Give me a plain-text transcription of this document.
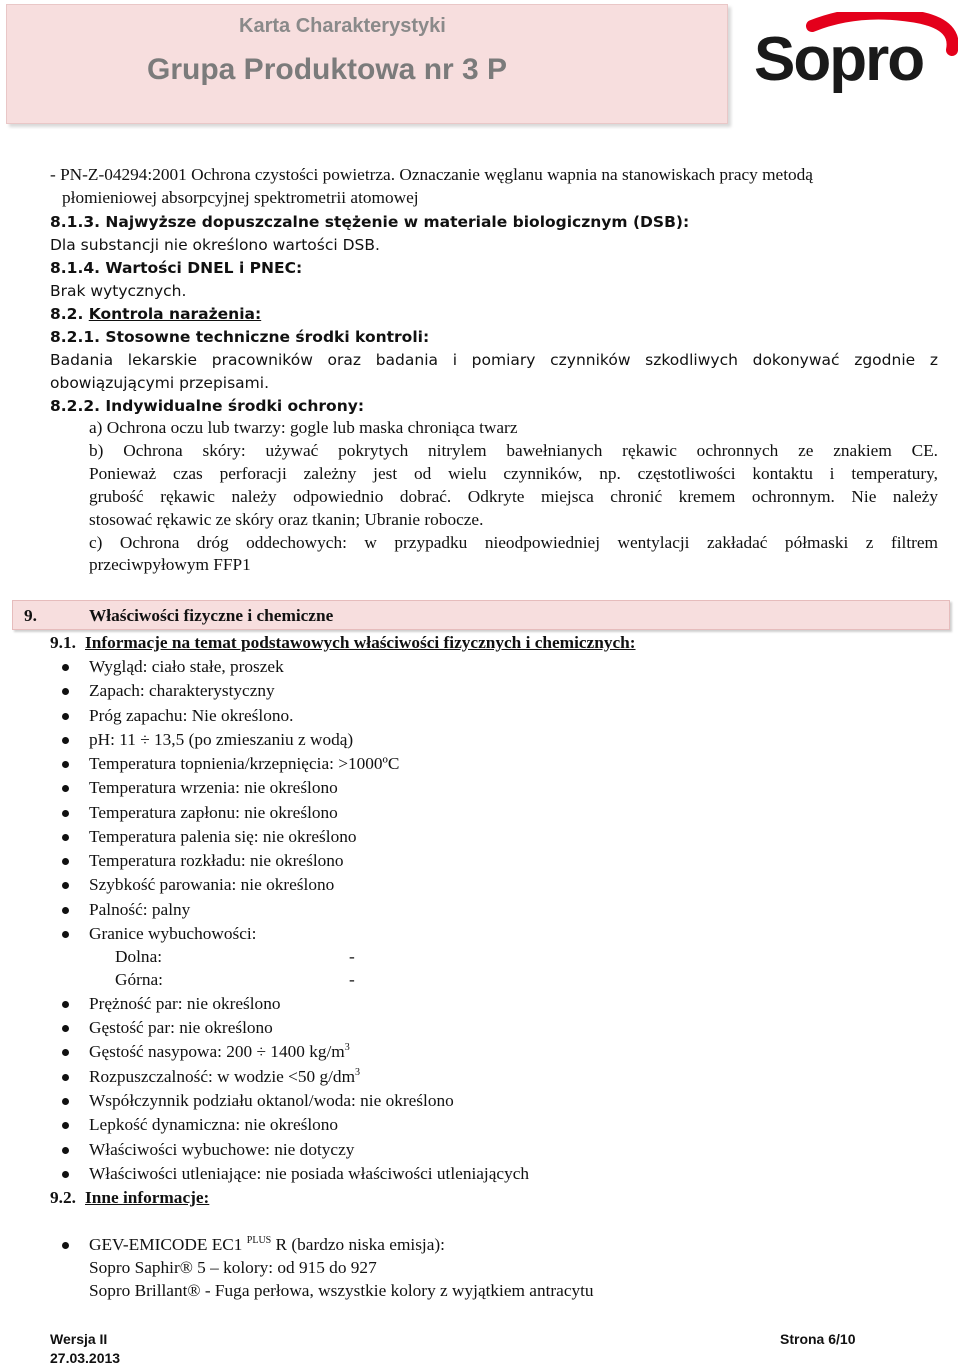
Karta Charakterystyki
Grupa Produktowa nr 3 P	Sopro
- PN-Z-04294:2001 Ochrona czystości powietrza. Oznaczanie węglanu wapnia na stanowiskach pracy metodą
płomieniowej absorpcyjnej spektrometrii atomowej
8.1.3. Najwyższe dopuszczalne stężenie w materiale biologicznym (DSB):
Dla substancji nie określono wartości DSB.
8.1.4. Wartości DNEL i PNEC:
Brak wytycznych.
8.2. Kontrola narażenia:
8.2.1. Stosowne techniczne środki kontroli:
Badania lekarskie pracowników oraz badania i pomiary czynników szkodliwych dokonywać zgodnie z
obowiązującymi przepisami.
8.2.2. Indywidualne środki ochrony:
a) Ochrona oczu lub twarzy: gogle lub maska chroniąca twarz
b) Ochrona skóry: używać pokrytych nitrylem bawełnianych rękawic ochronnych ze znakiem CE.
Ponieważ czas perforacji zależny jest od wielu czynników, np. częstotliwości kontaktu i temperatury,
grubość rękawic należy odpowiednio dobrać. Odkryte miejsca chronić kremem ochronnym. Nie należy
stosować rękawic ze skóry oraz tkanin; Ubranie robocze.
c) Ochrona dróg oddechowych: w przypadku nieodpowiedniej wentylacji zakładać półmaski z filtrem
przeciwpyłowym FFP1
9.	Właściwości fizyczne i chemiczne
9.1. Informacje na temat podstawowych właściwości fizycznych i chemicznych:
Wygląd: ciało stałe, proszek
Zapach: charakterystyczny
Próg zapachu: Nie określono.
pH: 11 ÷ 13,5 (po zmieszaniu z wodą)
Temperatura topnienia/krzepnięcia: >1000ºC
Temperatura wrzenia: nie określono
Temperatura zapłonu: nie określono
Temperatura palenia się: nie określono
Temperatura rozkładu: nie określono
Szybkość parowania: nie określono
Palność: palny
Granice wybuchowości:
Dolna:	-
Górna:	-
Prężność par: nie określono
Gęstość par: nie określono
Gęstość nasypowa: 200 ÷ 1400 $kg/m^3$
Rozpuszczalność: w wodzie <50 $g/dm^3$
Współczynnik podziału oktanol/woda: nie określono
Lepkość dynamiczna: nie określono
Właściwości wybuchowe: nie dotyczy
Właściwości utleniające: nie posiada właściwości utleniających
9.2. Inne informacje:
GEV-EMICODE EC1 $^{PLUS}$ R (bardzo niska emisja):
Sopro Saphir® 5 – kolory: od 915 do 927
Sopro Brillant® - Fuga perłowa, wszystkie kolory z wyjątkiem antracytu
Wersja II
27.03.2013
Strona 6/10
